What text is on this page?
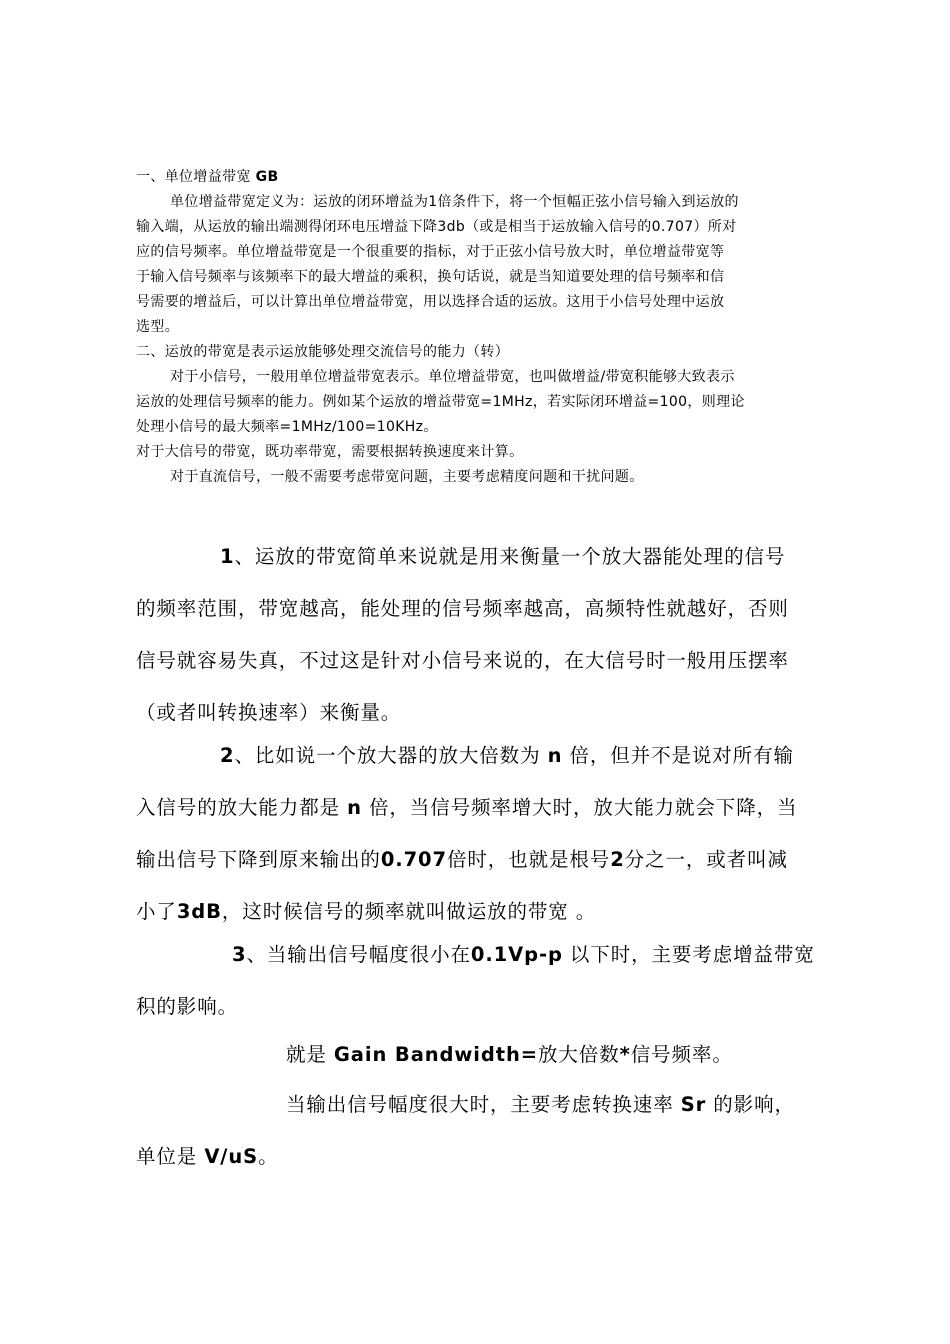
一、单位增益带宽 GB
单位增益带宽定义为：运放的闭环增益为1倍条件下，将一个恒幅正弦小信号输入到运放的
输入端，从运放的输出端测得闭环电压增益下降3db（或是相当于运放输入信号的0.707）所对
应的信号频率。单位增益带宽是一个很重要的指标，对于正弦小信号放大时，单位增益带宽等
于输入信号频率与该频率下的最大增益的乘积，换句话说，就是当知道要处理的信号频率和信
号需要的增益后，可以计算出单位增益带宽，用以选择合适的运放。这用于小信号处理中运放
选型。
二、运放的带宽是表示运放能够处理交流信号的能力（转）
对于小信号，一般用单位增益带宽表示。单位增益带宽，也叫做增益/带宽积能够大致表示
运放的处理信号频率的能力。例如某个运放的增益带宽=1MHz，若实际闭环增益=100，则理论
处理小信号的最大频率=1MHz/100=10KHz。
对于大信号的带宽，既功率带宽，需要根据转换速度来计算。
对于直流信号，一般不需要考虑带宽问题，主要考虑精度问题和干扰问题。
1、运放的带宽简单来说就是用来衡量一个放大器能处理的信号
的频率范围，带宽越高，能处理的信号频率越高，高频特性就越好，否则
信号就容易失真，不过这是针对小信号来说的，在大信号时一般用压摆率
（或者叫转换速率）来衡量。
2、比如说一个放大器的放大倍数为 n 倍，但并不是说对所有输
入信号的放大能力都是 n 倍，当信号频率增大时，放大能力就会下降，当
输出信号下降到原来输出的0.707倍时，也就是根号2分之一，或者叫减
小了3dB，这时候信号的频率就叫做运放的带宽 。
3、当输出信号幅度很小在0.1Vp-p 以下时，主要考虑增益带宽
积的影响。
就是 Gain Bandwidth=放大倍数*信号频率。
当输出信号幅度很大时，主要考虑转换速率 Sr 的影响，
单位是 V/uS。
